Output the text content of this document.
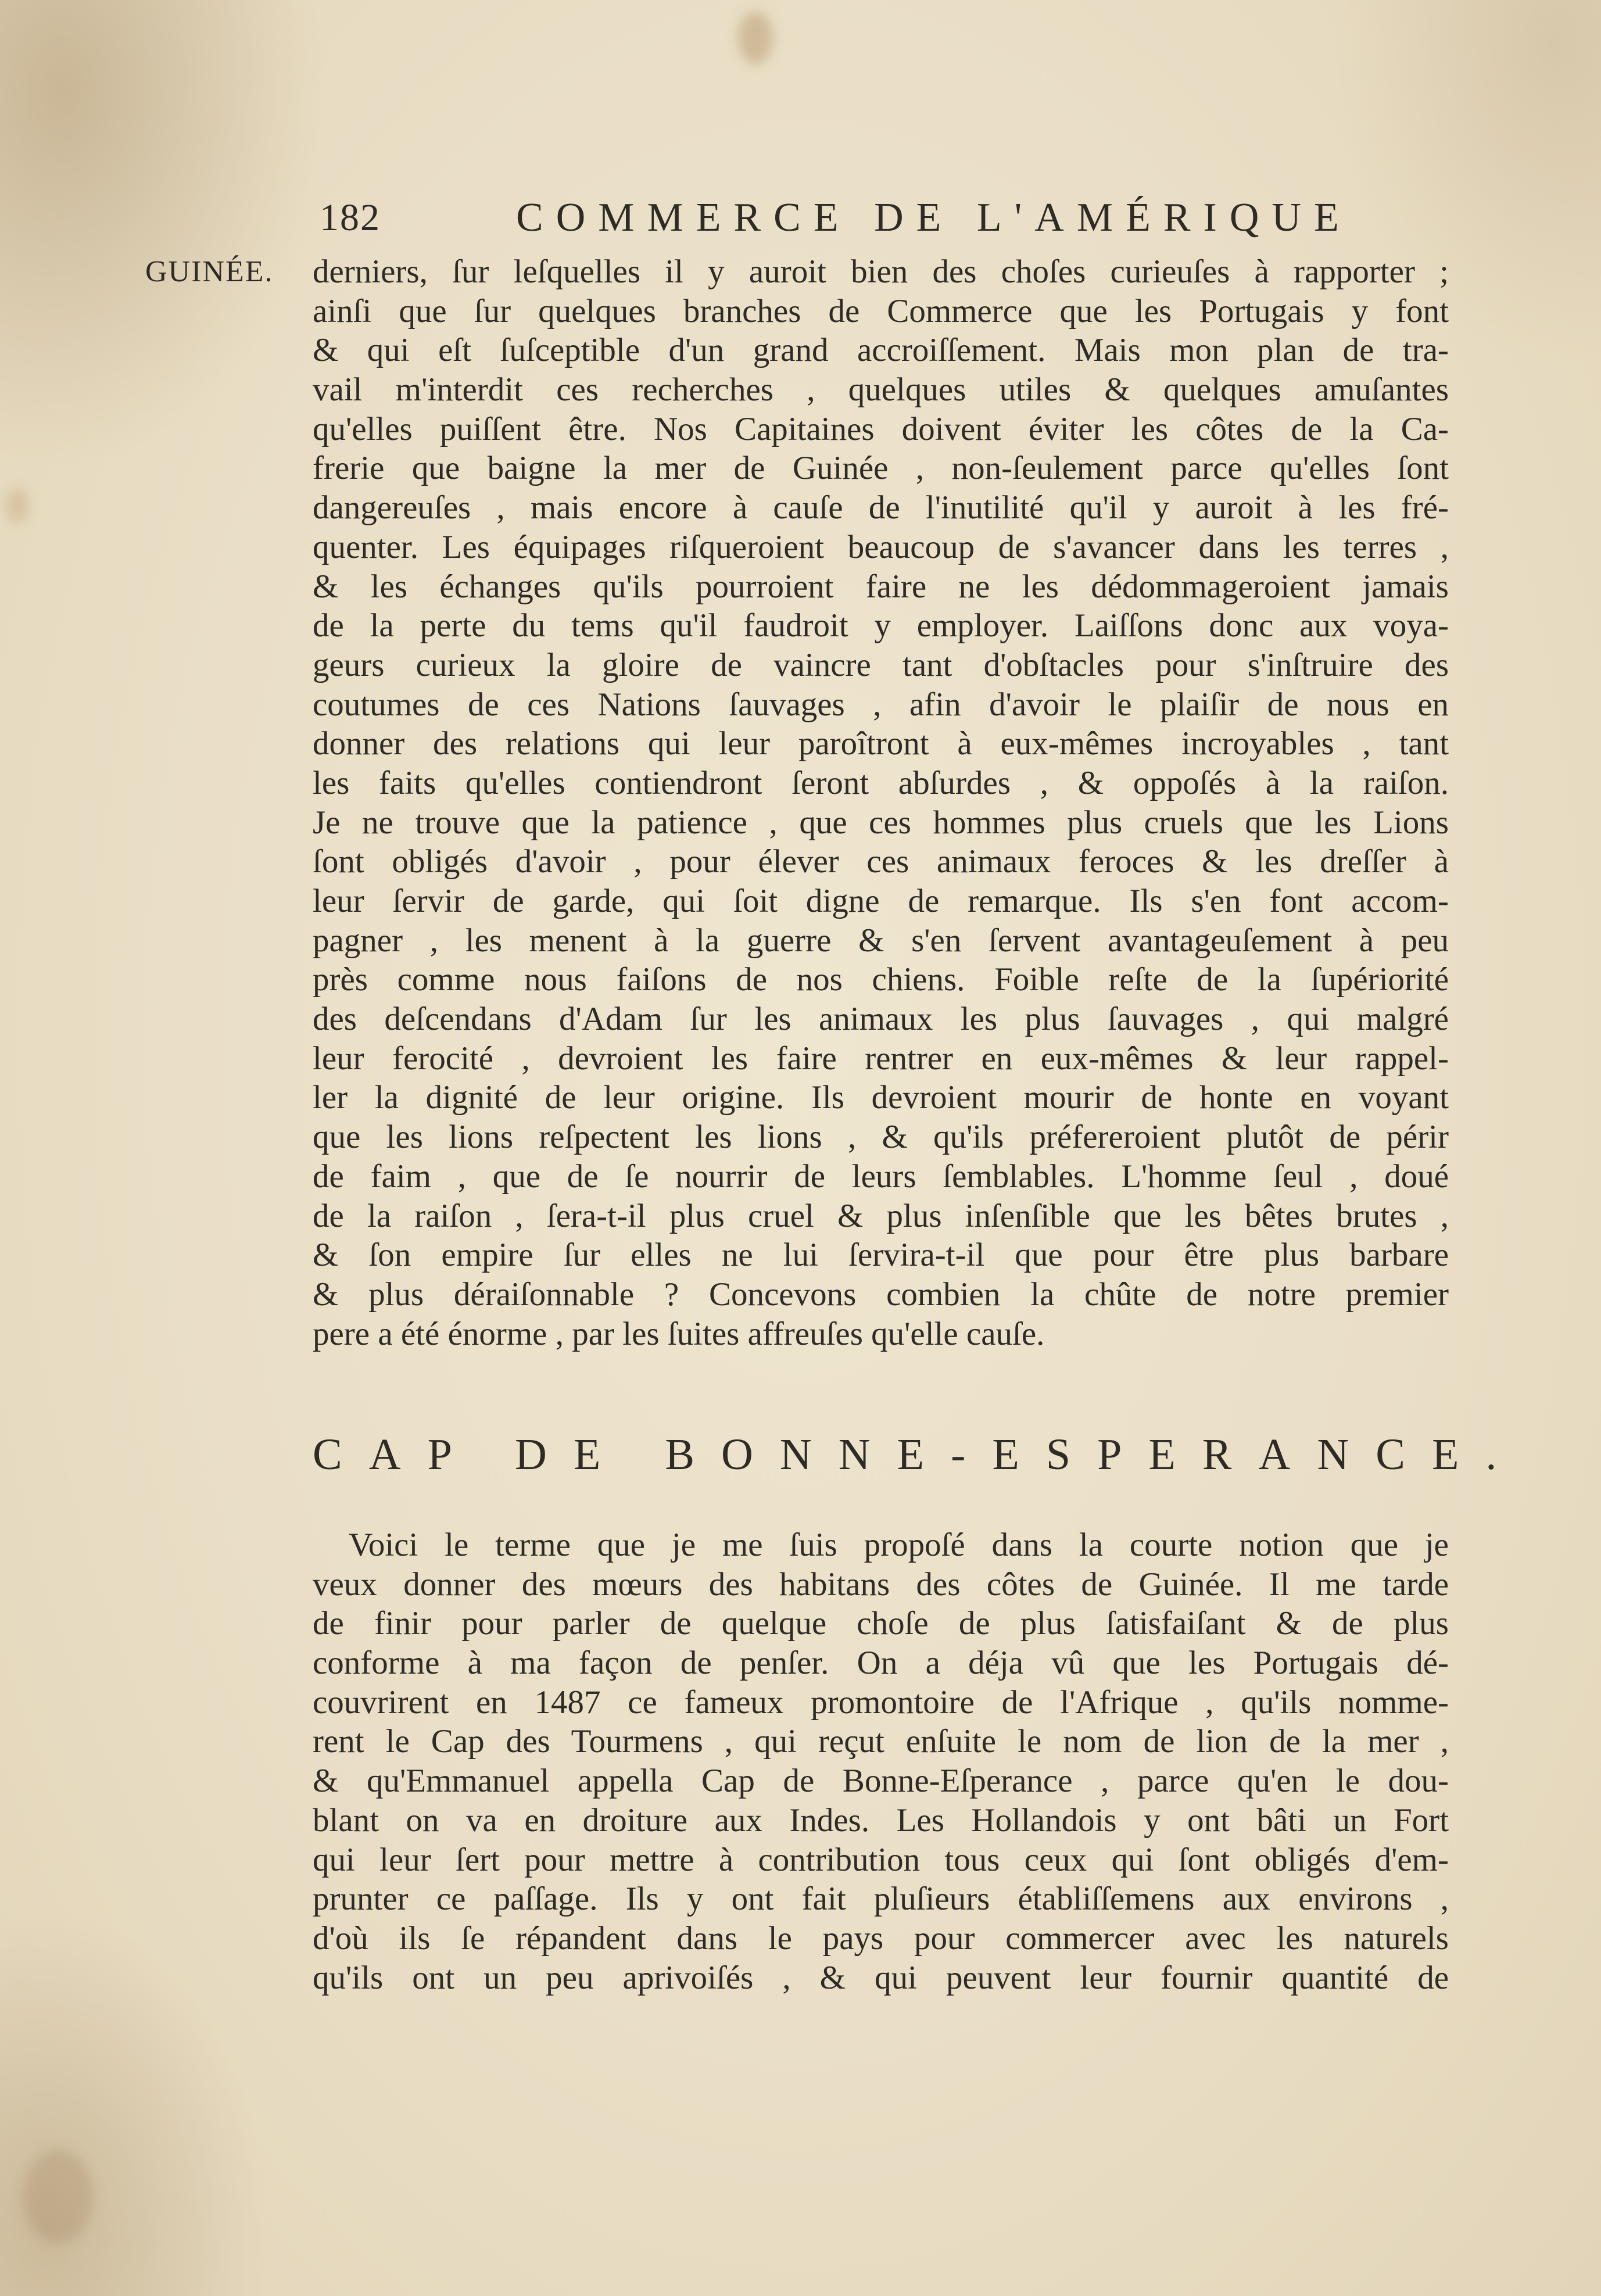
182	COMMERCE DE L'AMÉRIQUE
GUINÉE. derniers, ſur leſquelles il y auroit bien des choſes curieuſes à rapporter ;
ainſi que ſur quelques branches de Commerce que les Portugais y font
& qui eſt ſuſceptible d'un grand accroiſſement. Mais mon plan de tra-
vail m'interdit ces recherches , quelques utiles & quelques amuſantes
qu'elles puiſſent être. Nos Capitaines doivent éviter les côtes de la Ca-
frerie que baigne la mer de Guinée , non-ſeulement parce qu'elles ſont
dangereuſes , mais encore à cauſe de l'inutilité qu'il y auroit à les fré-
quenter. Les équipages riſqueroient beaucoup de s'avancer dans les terres ,
& les échanges qu'ils pourroient faire ne les dédommageroient jamais
de la perte du tems qu'il faudroit y employer. Laiſſons donc aux voya-
geurs curieux la gloire de vaincre tant d'obſtacles pour s'inſtruire des
coutumes de ces Nations ſauvages , afin d'avoir le plaiſir de nous en
donner des relations qui leur paroîtront à eux-mêmes incroyables , tant
les faits qu'elles contiendront ſeront abſurdes , & oppoſés à la raiſon.
Je ne trouve que la patience , que ces hommes plus cruels que les Lions
ſont obligés d'avoir , pour élever ces animaux feroces & les dreſſer à
leur ſervir de garde, qui ſoit digne de remarque. Ils s'en font accom-
pagner , les menent à la guerre & s'en ſervent avantageuſement à peu
près comme nous faiſons de nos chiens. Foible reſte de la ſupériorité
des deſcendans d'Adam ſur les animaux les plus ſauvages , qui malgré
leur ferocité , devroient les faire rentrer en eux-mêmes & leur rappel-
ler la dignité de leur origine. Ils devroient mourir de honte en voyant
que les lions reſpectent les lions , & qu'ils préfereroient plutôt de périr
de faim , que de ſe nourrir de leurs ſemblables. L'homme ſeul , doué
de la raiſon , ſera-t-il plus cruel & plus inſenſible que les bêtes brutes ,
& ſon empire ſur elles ne lui ſervira-t-il que pour être plus barbare
& plus déraiſonnable ? Concevons combien la chûte de notre premier
pere a été énorme , par les ſuites affreuſes qu'elle cauſe.
CAP DE BONNE-ESPERANCE.
Voici le terme que je me ſuis propoſé dans la courte notion que je
veux donner des mœurs des habitans des côtes de Guinée. Il me tarde
de finir pour parler de quelque choſe de plus ſatisfaiſant & de plus
conforme à ma façon de penſer. On a déja vû que les Portugais dé-
couvrirent en 1487 ce fameux promontoire de l'Afrique , qu'ils nomme-
rent le Cap des Tourmens , qui reçut enſuite le nom de lion de la mer ,
& qu'Emmanuel appella Cap de Bonne-Eſperance , parce qu'en le dou-
blant on va en droiture aux Indes. Les Hollandois y ont bâti un Fort
qui leur ſert pour mettre à contribution tous ceux qui ſont obligés d'em-
prunter ce paſſage. Ils y ont fait pluſieurs établiſſemens aux environs ,
d'où ils ſe répandent dans le pays pour commercer avec les naturels
qu'ils ont un peu aprivoiſés , & qui peuvent leur fournir quantité de
